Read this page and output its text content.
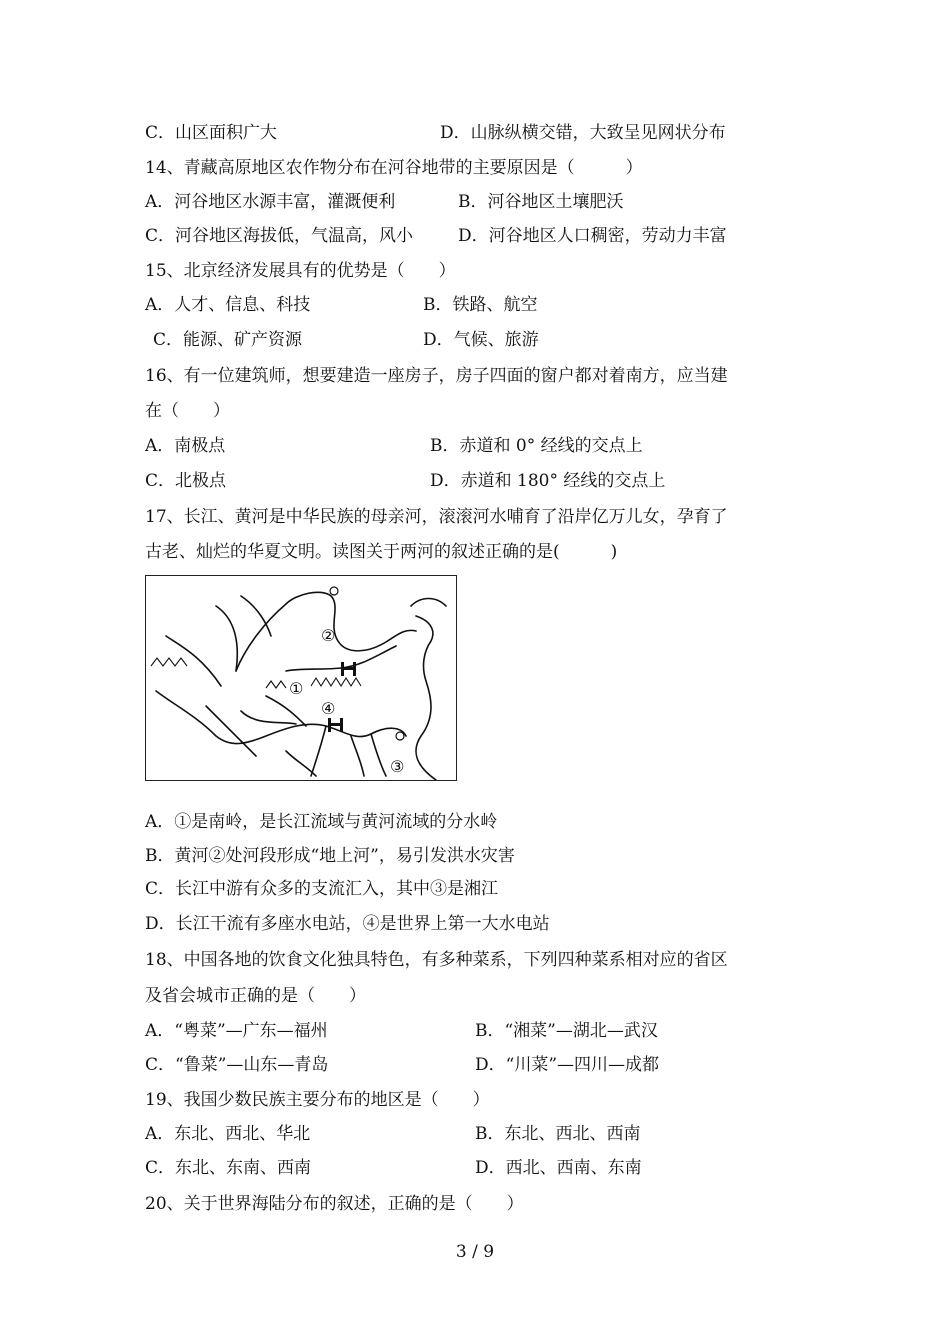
C．山区面积广大	D．山脉纵横交错，大致呈见网状分布
14、青藏高原地区农作物分布在河谷地带的主要原因是（　　　）
A．河谷地区水源丰富，灌溉便利	B．河谷地区土壤肥沃
C．河谷地区海拔低，气温高，风小	D．河谷地区人口稠密，劳动力丰富
15、北京经济发展具有的优势是（　　）
A．人才、信息、科技	B．铁路、航空
C．能源、矿产资源	D．气候、旅游
16、有一位建筑师，想要建造一座房子，房子四面的窗户都对着南方，应当建
在（　　）
A．南极点	B．赤道和 0° 经线的交点上
C．北极点	D．赤道和 180° 经线的交点上
17、长江、黄河是中华民族的母亲河，滚滚河水哺育了沿岸亿万儿女，孕育了
古老、灿烂的华夏文明。读图关于两河的叙述正确的是(　　　)
②
①
④
③
A．①是南岭，是长江流域与黄河流域的分水岭
B．黄河②处河段形成“地上河”，易引发洪水灾害
C．长江中游有众多的支流汇入，其中③是湘江
D．长江干流有多座水电站，④是世界上第一大水电站
18、中国各地的饮食文化独具特色，有多种菜系，下列四种菜系相对应的省区
及省会城市正确的是（　　）
A．“粤菜”—广东—福州	B．“湘菜”—湖北—武汉
C．“鲁菜”—山东—青岛	D．“川菜”—四川—成都
19、我国少数民族主要分布的地区是（　　）
A．东北、西北、华北	B．东北、西北、西南
C．东北、东南、西南	D．西北、西南、东南
20、关于世界海陆分布的叙述，正确的是（　　）
3 / 9
